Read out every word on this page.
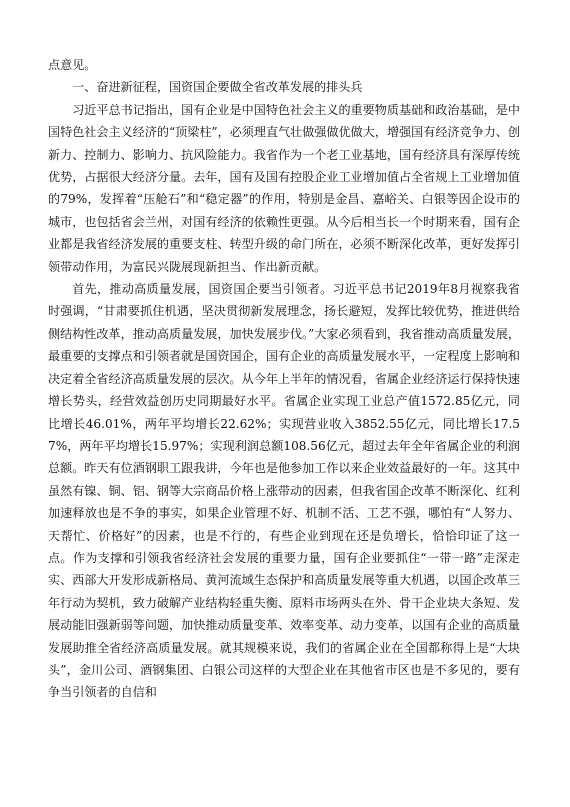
点意见。

一、奋进新征程，国资国企要做全省改革发展的排头兵

习近平总书记指出，国有企业是中国特色社会主义的重要物质基础和政治基础，是中国特色社会主义经济的“顶梁柱”，必须理直气壮做强做优做大，增强国有经济竞争力、创新力、控制力、影响力、抗风险能力。我省作为一个老工业基地，国有经济具有深厚传统优势，占据很大经济分量。去年，国有及国有控股企业工业增加值占全省规上工业增加值的79%，发挥着“压舱石”和“稳定器”的作用，特别是金昌、嘉峪关、白银等因企设市的城市，也包括省会兰州，对国有经济的依赖性更强。从今后相当长一个时期来看，国有企业都是我省经济发展的重要支柱、转型升级的命门所在，必须不断深化改革，更好发挥引领带动作用，为富民兴陇展现新担当、作出新贡献。

首先，推动高质量发展，国资国企要当引领者。习近平总书记2019年8月视察我省时强调，“甘肃要抓住机遇，坚决贯彻新发展理念，扬长避短，发挥比较优势，推进供给侧结构性改革，推动高质量发展，加快发展步伐。”大家必须看到，我省推动高质量发展，最重要的支撑点和引领者就是国资国企，国有企业的高质量发展水平，一定程度上影响和决定着全省经济高质量发展的层次。从今年上半年的情况看，省属企业经济运行保持快速增长势头，经营效益创历史同期最好水平。省属企业实现工业总产值1572.85亿元，同比增长46.01%，两年平均增长22.62%；实现营业收入3852.55亿元，同比增长17.57%，两年平均增长15.97%；实现利润总额108.56亿元，超过去年全年省属企业的利润总额。昨天有位酒钢职工跟我讲，今年也是他参加工作以来企业效益最好的一年。这其中虽然有镍、铜、铝、钢等大宗商品价格上涨带动的因素，但我省国企改革不断深化、红利加速释放也是不争的事实，如果企业管理不好、机制不活、工艺不强，哪怕有“人努力、天帮忙、价格好”的因素，也是不行的，有些企业到现在还是负增长，恰恰印证了这一点。作为支撑和引领我省经济社会发展的重要力量，国有企业要抓住“一带一路”走深走实、西部大开发形成新格局、黄河流域生态保护和高质量发展等重大机遇，以国企改革三年行动为契机，致力破解产业结构轻重失衡、原料市场两头在外、骨干企业块大条短、发展动能旧强新弱等问题，加快推动质量变革、效率变革、动力变革，以国有企业的高质量发展助推全省经济高质量发展。就其规模来说，我们的省属企业在全国都称得上是“大块头”，金川公司、酒钢集团、白银公司这样的大型企业在其他省市区也是不多见的，要有争当引领者的自信和
